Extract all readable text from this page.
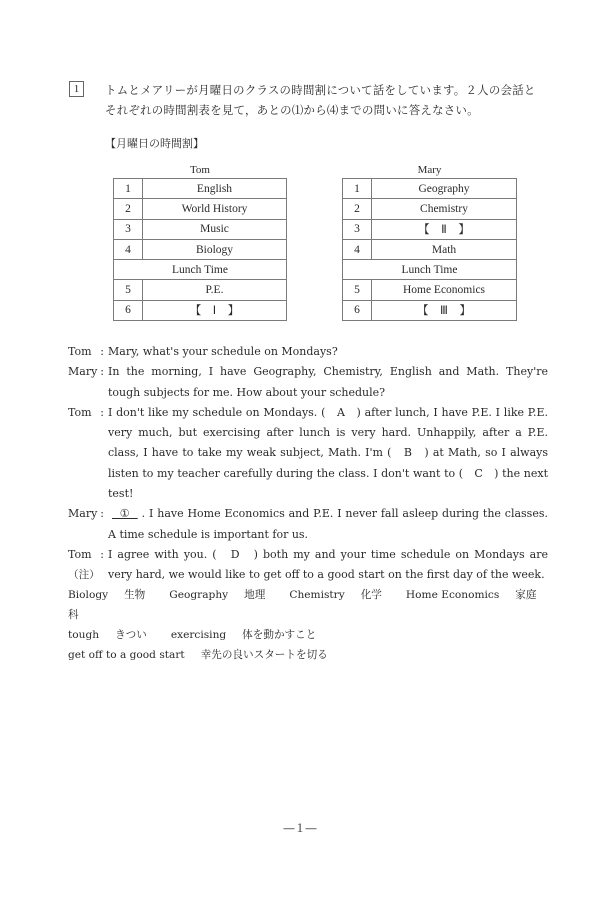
1	トムとメアリーが月曜日のクラスの時間割について話をしています。２人の会話とそれぞれの時間割表を見て，あとの⑴から⑷までの問いに答えなさい。
【月曜日の時間割】
Tom
1	English
2	World History
3	Music
4	Biology
Lunch Time	
5	P.E.
6	【　Ⅰ　】
Mary
1	Geography
2	Chemistry
3	【　Ⅱ　】
4	Math
Lunch Time	
5	Home Economics
6	【　Ⅲ　】
Tom : Mary, what's your schedule on Mondays?
Mary : In the morning, I have Geography, Chemistry, English and Math. They're tough subjects for me. How about your schedule?
Tom : I don't like my schedule on Mondays. (　A　) after lunch, I have P.E. I like P.E. very much, but exercising after lunch is very hard. Unhappily, after a P.E. class, I have to take my weak subject, Math. I'm (　B　) at Math, so I always listen to my teacher carefully during the class. I don't want to (　C　) the next test!
Mary : ①  . I have Home Economics and P.E. I never fall asleep during the classes. A time schedule is important for us.
Tom : I agree with you. (　D　) both my and your time schedule on Mondays are very hard, we would like to get off to a good start on the first day of the week.
（注）
Biology 生物 Geography 地理 Chemistry 化学 Home Economics 家庭科
tough きつい exercising 体を動かすこと
get off to a good start 幸先の良いスタートを切る
―１―
